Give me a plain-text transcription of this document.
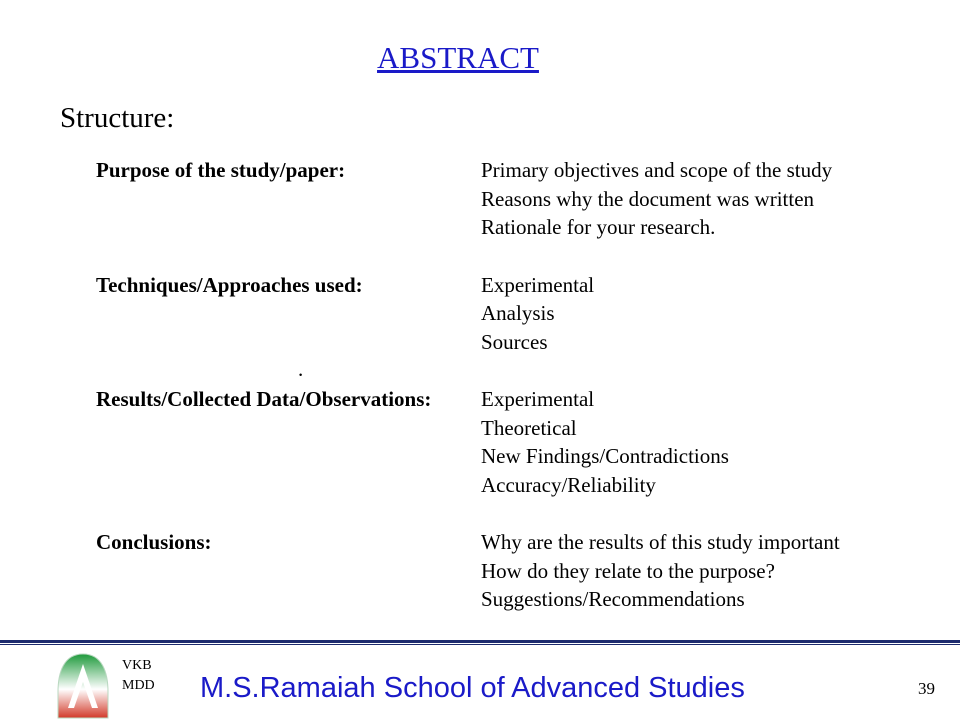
ABSTRACT
Structure:
Purpose of the study/paper:	Primary objectives and scope of the study
Reasons why the document was written
Rationale for your research.
Techniques/Approaches used:	Experimental
Analysis
Sources
Results/Collected Data/Observations:	Experimental
Theoretical
New Findings/Contradictions
Accuracy/Reliability
Conclusions:	Why are the results of this study important
How do they relate to the purpose?
Suggestions/Recommendations
.
VKB
MDD M.S.Ramaiah School of Advanced Studies	39
